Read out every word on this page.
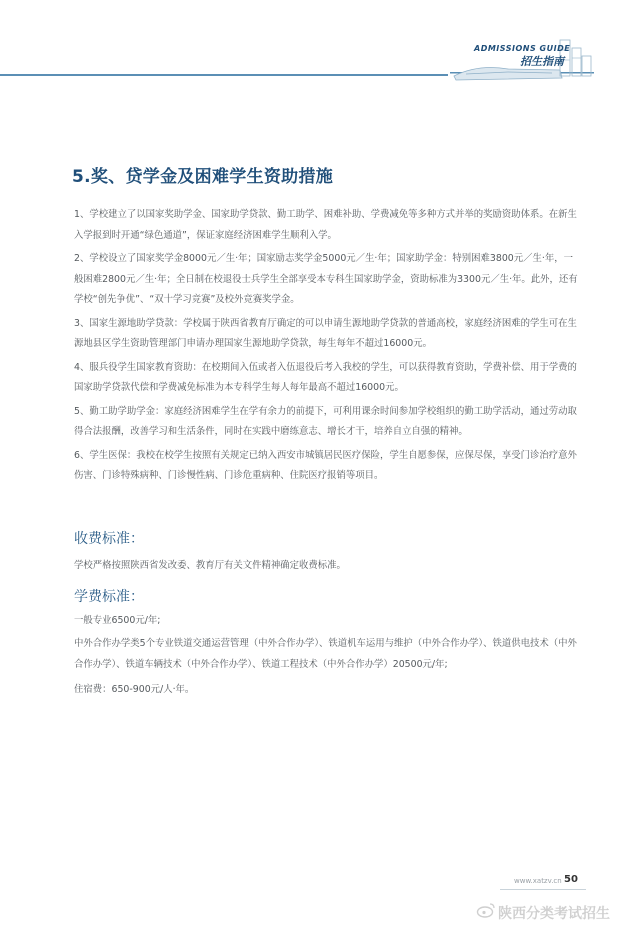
ADMISSIONS GUIDE
招生指南
5.奖、贷学金及困难学生资助措施

1、学校建立了以国家奖助学金、国家助学贷款、勤工助学、困难补助、学费减免等多种方式并举的奖励资助体系。在新生入学报到时开通“绿色通道”，保证家庭经济困难学生顺利入学。

2、学校设立了国家奖学金8000元／生·年；国家励志奖学金5000元／生·年；国家助学金：特别困难3800元／生·年，一般困难2800元／生·年；全日制在校退役士兵学生全部享受本专科生国家助学金，资助标准为3300元／生·年。此外，还有学校“创先争优”、“双十学习竞赛”及校外竞赛奖学金。

3、国家生源地助学贷款：学校属于陕西省教育厅确定的可以申请生源地助学贷款的普通高校，家庭经济困难的学生可在生源地县区学生资助管理部门申请办理国家生源地助学贷款，每生每年不超过16000元。

4、服兵役学生国家教育资助：在校期间入伍或者入伍退役后考入我校的学生，可以获得教育资助，学费补偿、用于学费的国家助学贷款代偿和学费减免标准为本专科学生每人每年最高不超过16000元。

5、勤工助学助学金：家庭经济困难学生在学有余力的前提下，可利用课余时间参加学校组织的勤工助学活动，通过劳动取得合法报酬，改善学习和生活条件，同时在实践中磨练意志、增长才干，培养自立自强的精神。

6、学生医保：我校在校学生按照有关规定已纳入西安市城镇居民医疗保险，学生自愿参保，应保尽保，享受门诊治疗意外伤害、门诊特殊病种、门诊慢性病、门诊危重病种、住院医疗报销等项目。

收费标准：
学校严格按照陕西省发改委、教育厅有关文件精神确定收费标准。
学费标准：
一般专业6500元/年;
中外合作办学类5个专业铁道交通运营管理（中外合作办学）、铁道机车运用与维护（中外合作办学）、铁道供电技术（中外合作办学）、铁道车辆技术（中外合作办学）、铁道工程技术（中外合作办学）20500元/年;
住宿费：650-900元/人·年。
www.xatzv.cn 50
陕西分类考试招生
